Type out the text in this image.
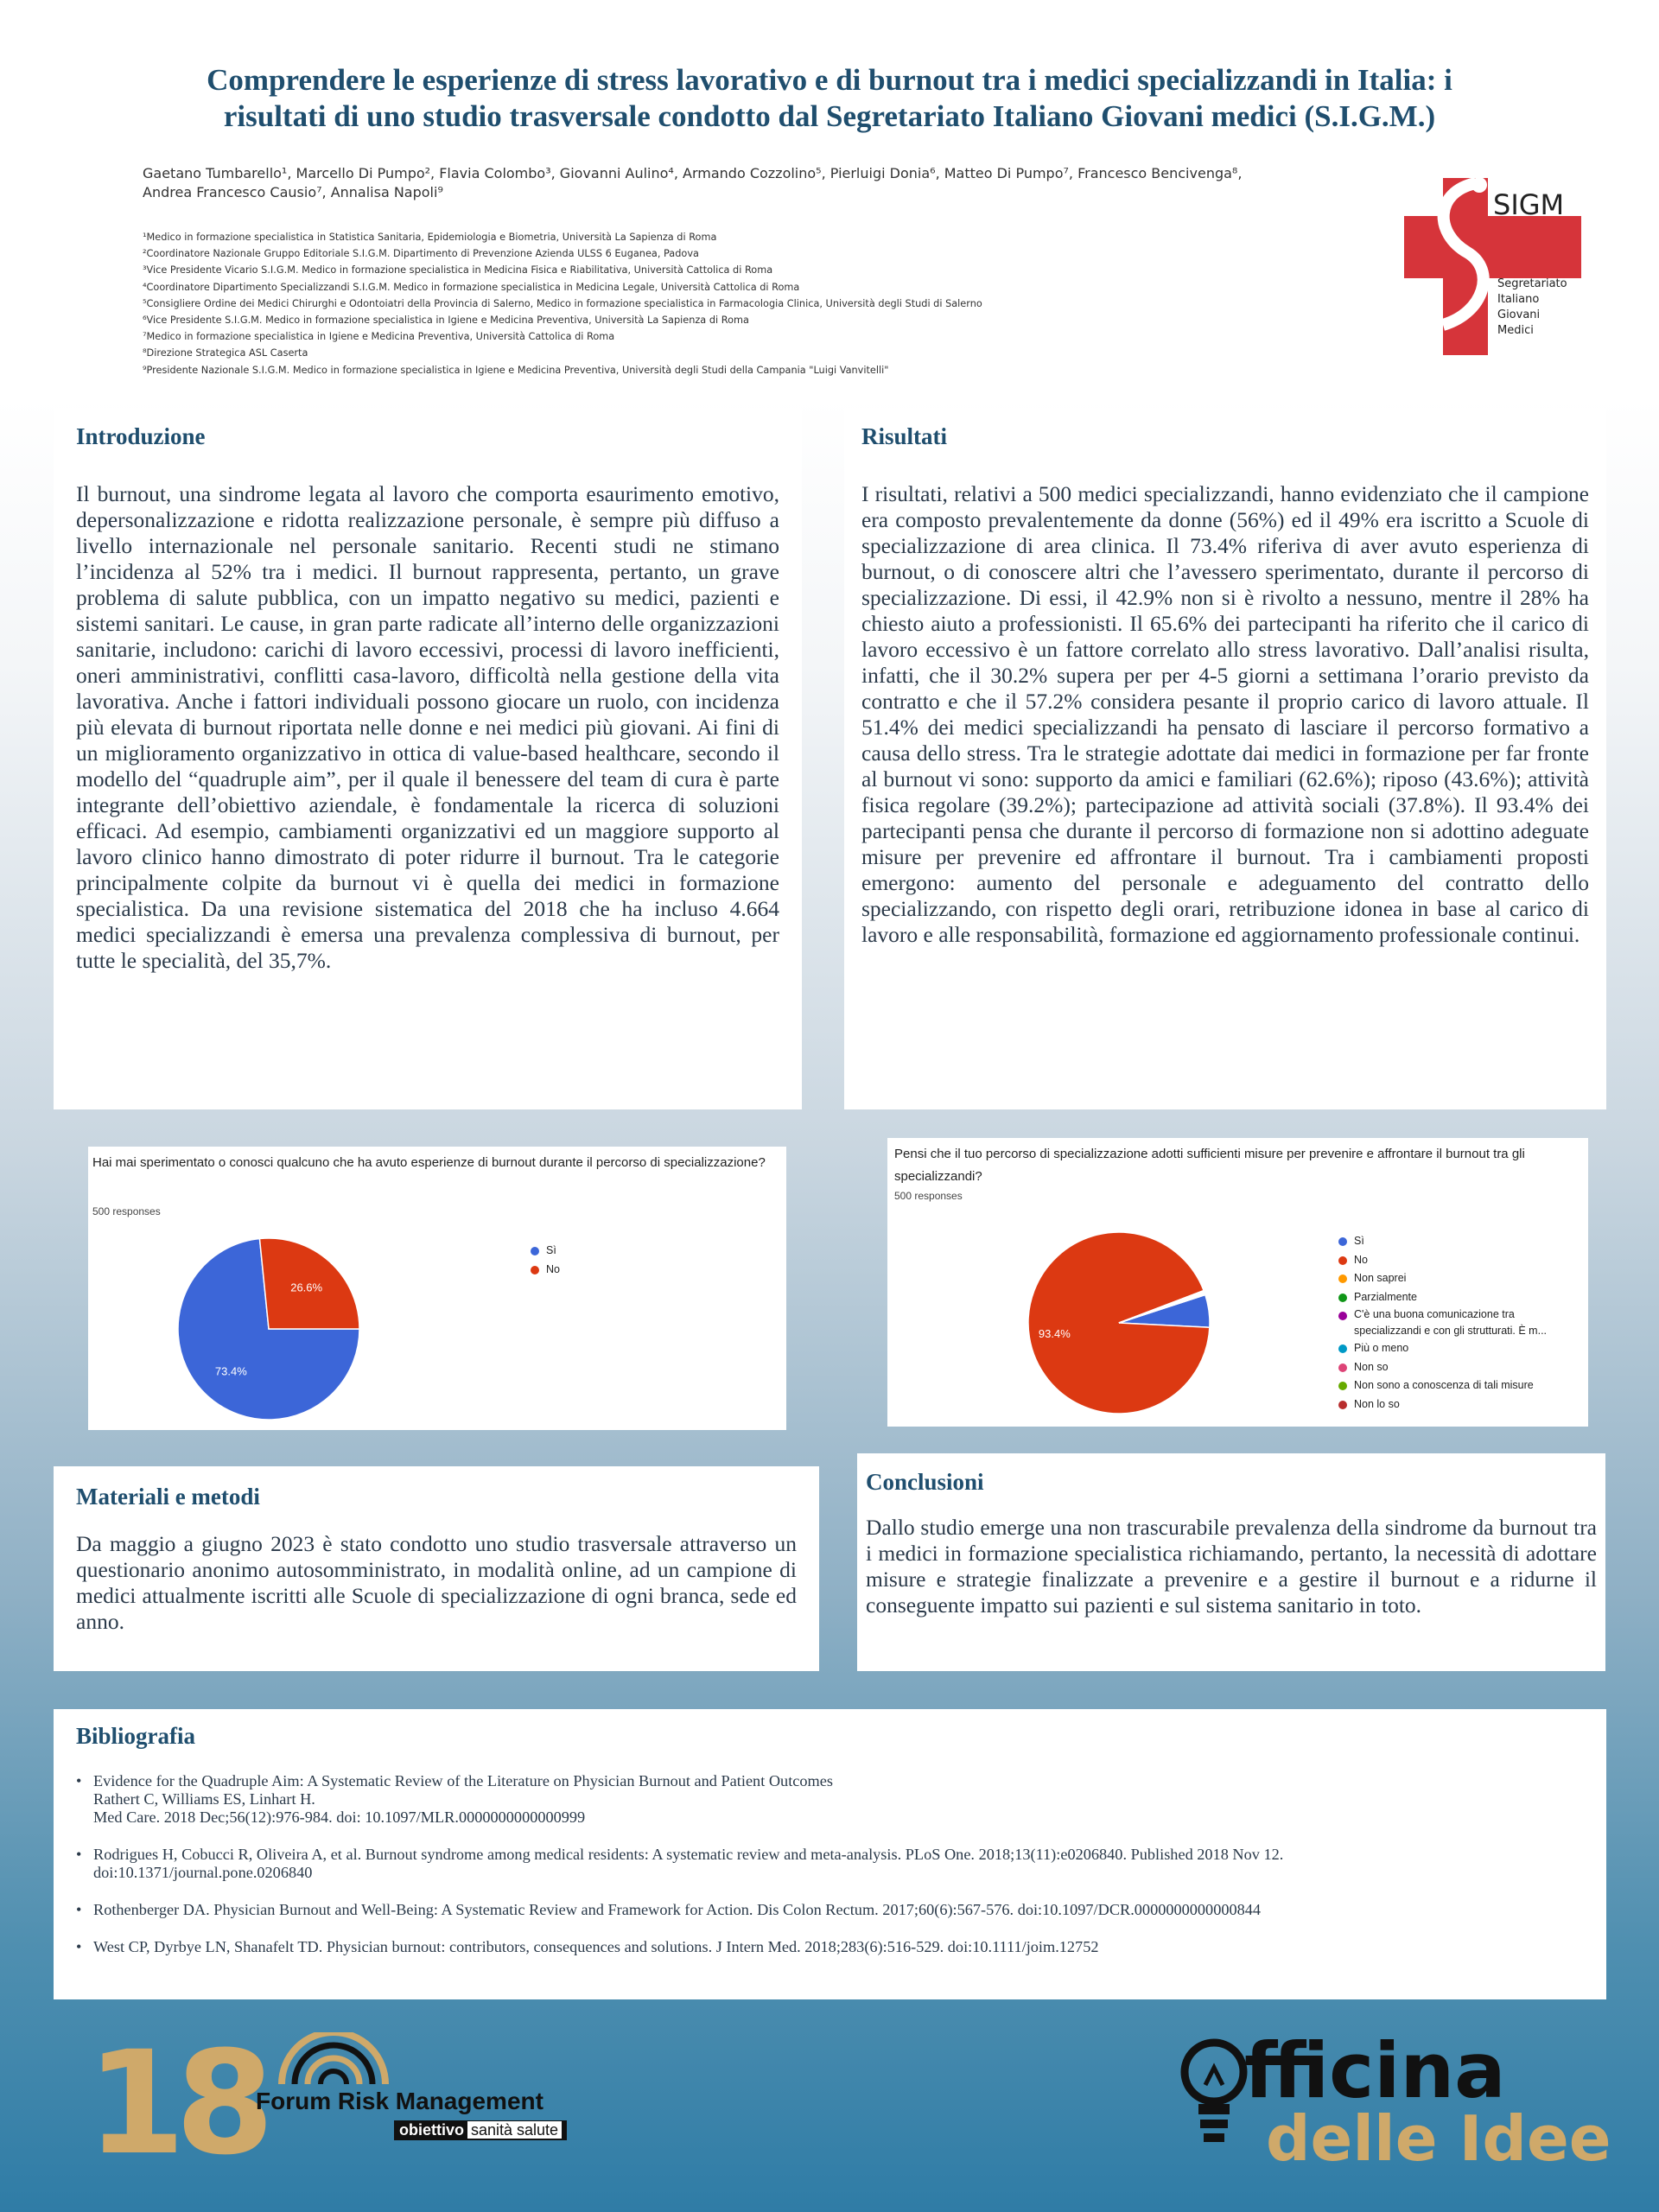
Comprendere le esperienze di stress lavorativo e di burnout tra i medici specializzandi in Italia: i
risultati di uno studio trasversale condotto dal Segretariato Italiano Giovani medici (S.I.G.M.)
Gaetano Tumbarello¹, Marcello Di Pumpo², Flavia Colombo³, Giovanni Aulino⁴, Armando Cozzolino⁵, Pierluigi Donia⁶, Matteo Di Pumpo⁷, Francesco Bencivenga⁸,
Andrea Francesco Causio⁷, Annalisa Napoli⁹
¹Medico in formazione specialistica in Statistica Sanitaria, Epidemiologia e Biometria, Università La Sapienza di Roma
²Coordinatore Nazionale Gruppo Editoriale S.I.G.M. Dipartimento di Prevenzione Azienda ULSS 6 Euganea, Padova
³Vice Presidente Vicario S.I.G.M. Medico in formazione specialistica in Medicina Fisica e Riabilitativa, Università Cattolica di Roma
⁴Coordinatore Dipartimento Specializzandi S.I.G.M. Medico in formazione specialistica in Medicina Legale, Università Cattolica di Roma
⁵Consigliere Ordine dei Medici Chirurghi e Odontoiatri della Provincia di Salerno, Medico in formazione specialistica in Farmacologia Clinica, Università degli Studi di Salerno
⁶Vice Presidente S.I.G.M. Medico in formazione specialistica in Igiene e Medicina Preventiva, Università La Sapienza di Roma
⁷Medico in formazione specialistica in Igiene e Medicina Preventiva, Università Cattolica di Roma
⁸Direzione Strategica ASL Caserta
⁹Presidente Nazionale S.I.G.M. Medico in formazione specialistica in Igiene e Medicina Preventiva, Università degli Studi della Campania "Luigi Vanvitelli"
SIGM
Segretariato
Italiano
Giovani
Medici
Introduzione

Il burnout, una sindrome legata al lavoro che comporta esaurimento emotivo, depersonalizzazione e ridotta realizzazione personale, è sempre più diffuso a livello internazionale nel personale sanitario. Recenti studi ne stimano l’incidenza al 52% tra i medici. Il burnout rappresenta, pertanto, un grave problema di salute pubblica, con un impatto negativo su medici, pazienti e sistemi sanitari. Le cause, in gran parte radicate all’interno delle organizzazioni sanitarie, includono: carichi di lavoro eccessivi, processi di lavoro inefficienti, oneri amministrativi, conflitti casa-lavoro, difficoltà nella gestione della vita lavorativa. Anche i fattori individuali possono giocare un ruolo, con incidenza più elevata di burnout riportata nelle donne e nei medici più giovani. Ai fini di un miglioramento organizzativo in ottica di value-based healthcare, secondo il modello del “quadruple aim”, per il quale il benessere del team di cura è parte integrante dell’obiettivo aziendale, è fondamentale la ricerca di soluzioni efficaci. Ad esempio, cambiamenti organizzativi ed un maggiore supporto al lavoro clinico hanno dimostrato di poter ridurre il burnout. Tra le categorie principalmente colpite da burnout vi è quella dei medici in formazione specialistica. Da una revisione sistematica del 2018 che ha incluso 4.664 medici specializzandi è emersa una prevalenza complessiva di burnout, per tutte le specialità, del 35,7%.

Risultati

I risultati, relativi a 500 medici specializzandi, hanno evidenziato che il campione era composto prevalentemente da donne (56%) ed il 49% era iscritto a Scuole di specializzazione di area clinica. Il 73.4% riferiva di aver avuto esperienza di burnout, o di conoscere altri che l’avessero sperimentato, durante il percorso di specializzazione. Di essi, il 42.9% non si è rivolto a nessuno, mentre il 28% ha chiesto aiuto a professionisti. Il 65.6% dei partecipanti ha riferito che il carico di lavoro eccessivo è un fattore correlato allo stress lavorativo. Dall’analisi risulta, infatti, che il 30.2% supera per per 4-5 giorni a settimana l’orario previsto da contratto e che il 57.2% considera pesante il proprio carico di lavoro attuale. Il 51.4% dei medici specializzandi ha pensato di lasciare il percorso formativo a causa dello stress. Tra le strategie adottate dai medici in formazione per far fronte al burnout vi sono: supporto da amici e familiari (62.6%); riposo (43.6%); attività fisica regolare (39.2%); partecipazione ad attività sociali (37.8%). Il 93.4% dei partecipanti pensa che durante il percorso di formazione non si adottino adeguate misure per prevenire ed affrontare il burnout. Tra i cambiamenti proposti emergono: aumento del personale e adeguamento del contratto dello specializzando, con rispetto degli orari, retribuzione idonea in base al carico di lavoro e alle responsabilità, formazione ed aggiornamento professionale continui.

Hai mai sperimentato o conosci qualcuno che ha avuto esperienze di burnout durante il percorso di specializzazione?
500 responses
73.4%
26.6%
Sì
No
Pensi che il tuo percorso di specializzazione adotti sufficienti misure per prevenire e affrontare il burnout tra gli specializzandi?
500 responses
93.4%
Sì
No
Non saprei
Parzialmente
C'è una buona comunicazione tra specializzandi e con gli strutturati. È m...
Più o meno
Non so
Non sono a conoscenza di tali misure
Non lo so
Materiali e metodi

Da maggio a giugno 2023 è stato condotto uno studio trasversale attraverso un questionario anonimo autosomministrato, in modalità online, ad un campione di medici attualmente iscritti alle Scuole di specializzazione di ogni branca, sede ed anno.

Conclusioni

Dallo studio emerge una non trascurabile prevalenza della sindrome da burnout tra i medici in formazione specialistica richiamando, pertanto, la necessità di adottare misure e strategie finalizzate a prevenire e a gestire il burnout e a ridurne il conseguente impatto sui pazienti e sul sistema sanitario in toto.

Bibliografia
• Evidence for the Quadruple Aim: A Systematic Review of the Literature on Physician Burnout and Patient Outcomes
Rathert C, Williams ES, Linhart H.
Med Care. 2018 Dec;56(12):976-984. doi: 10.1097/MLR.0000000000000999
• Rodrigues H, Cobucci R, Oliveira A, et al. Burnout syndrome among medical residents: A systematic review and meta-analysis. PLoS One. 2018;13(11):e0206840. Published 2018 Nov 12.
doi:10.1371/journal.pone.0206840
• Rothenberger DA. Physician Burnout and Well-Being: A Systematic Review and Framework for Action. Dis Colon Rectum. 2017;60(6):567-576. doi:10.1097/DCR.0000000000000844
• West CP, Dyrbye LN, Shanafelt TD. Physician burnout: contributors, consequences and solutions. J Intern Med. 2018;283(6):516-529. doi:10.1111/joim.12752
18
Forum Risk Management
obiettivo sanità salute
fficina
delle Idee
